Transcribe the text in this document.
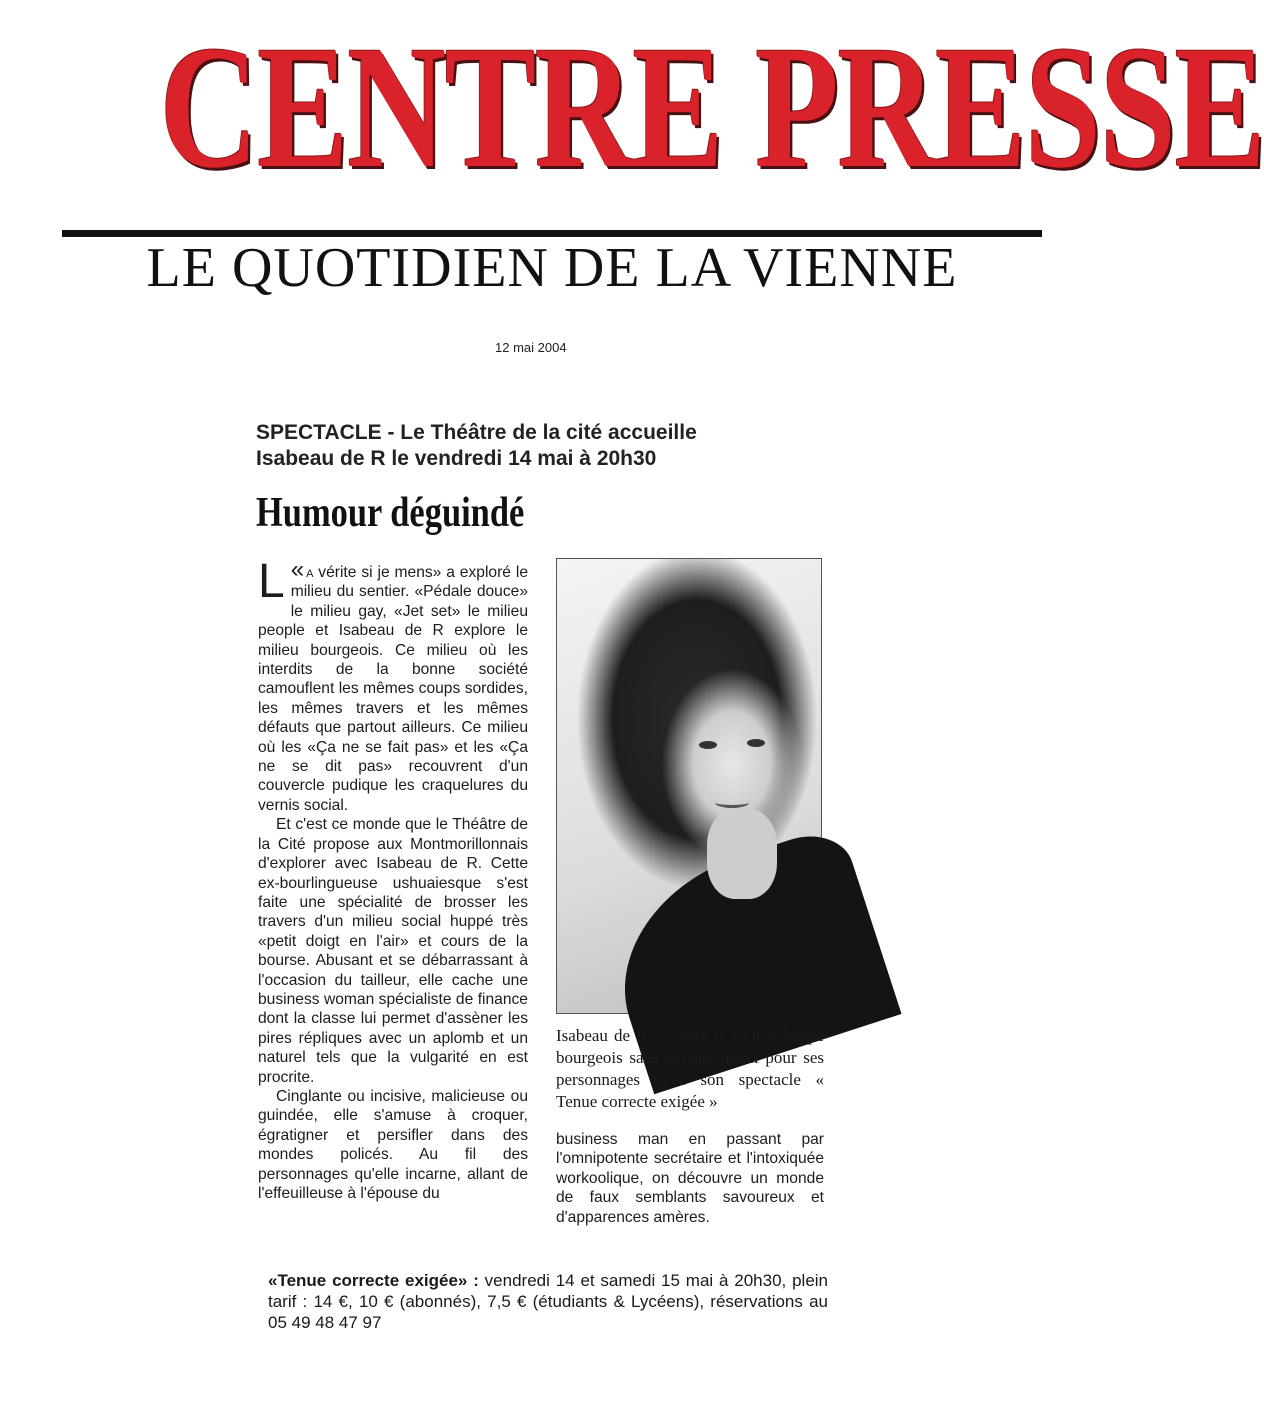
CENTRE PRESSE
LE QUOTIDIEN DE LA VIENNE
12 mai 2004
SPECTACLE - Le Théâtre de la cité accueille
Isabeau de R le vendredi 14 mai à 20h30
Humour déguindé

«
L a vérite si je mens» a exploré le milieu du sentier. «Pédale douce» le milieu gay, «Jet set» le milieu people et Isabeau de R explore le milieu bourgeois. Ce milieu où les interdits de la bonne société camouflent les mêmes coups sordides, les mêmes travers et les mêmes défauts que partout ailleurs. Ce milieu où les «Ça ne se fait pas» et les «Ça ne se dit pas» recouvrent d'un couvercle pudique les craquelures du vernis social.

Et c'est ce monde que le Théâtre de la Cité propose aux Montmorillonnais d'explorer avec Isabeau de R. Cette ex-bourlingueuse ushuaiesque s'est faite une spécialité de brosser les travers d'un milieu social huppé très «petit doigt en l'air» et cours de la bourse. Abusant et se débarrassant à l'occasion du tailleur, elle cache une business woman spécialiste de finance dont la classe lui permet d'assèner les pires répliques avec un aplomb et un naturel tels que la vulgarité en est procrite.

Cinglante ou incisive, malicieuse ou guindée, elle s'amuse à croquer, égratigner et persifler dans des mondes policés. Au fil des personnages qu'elle incarne, allant de l'effeuilleuse à l'épouse du

Isabeau de R. explore le milieu huppé bourgeois sans aucune merci pour ses personnages avec son spectacle « Tenue correcte exigée »

business man en passant par l'omnipotente secrétaire et l'intoxiquée workoolique, on découvre un monde de faux semblants savoureux et d'apparences amères.

«Tenue correcte exigée» : vendredi 14 et samedi 15 mai à 20h30, plein tarif : 14 €, 10 € (abonnés), 7,5 € (étudiants & Lycéens), réservations au 05 49 48 47 97
